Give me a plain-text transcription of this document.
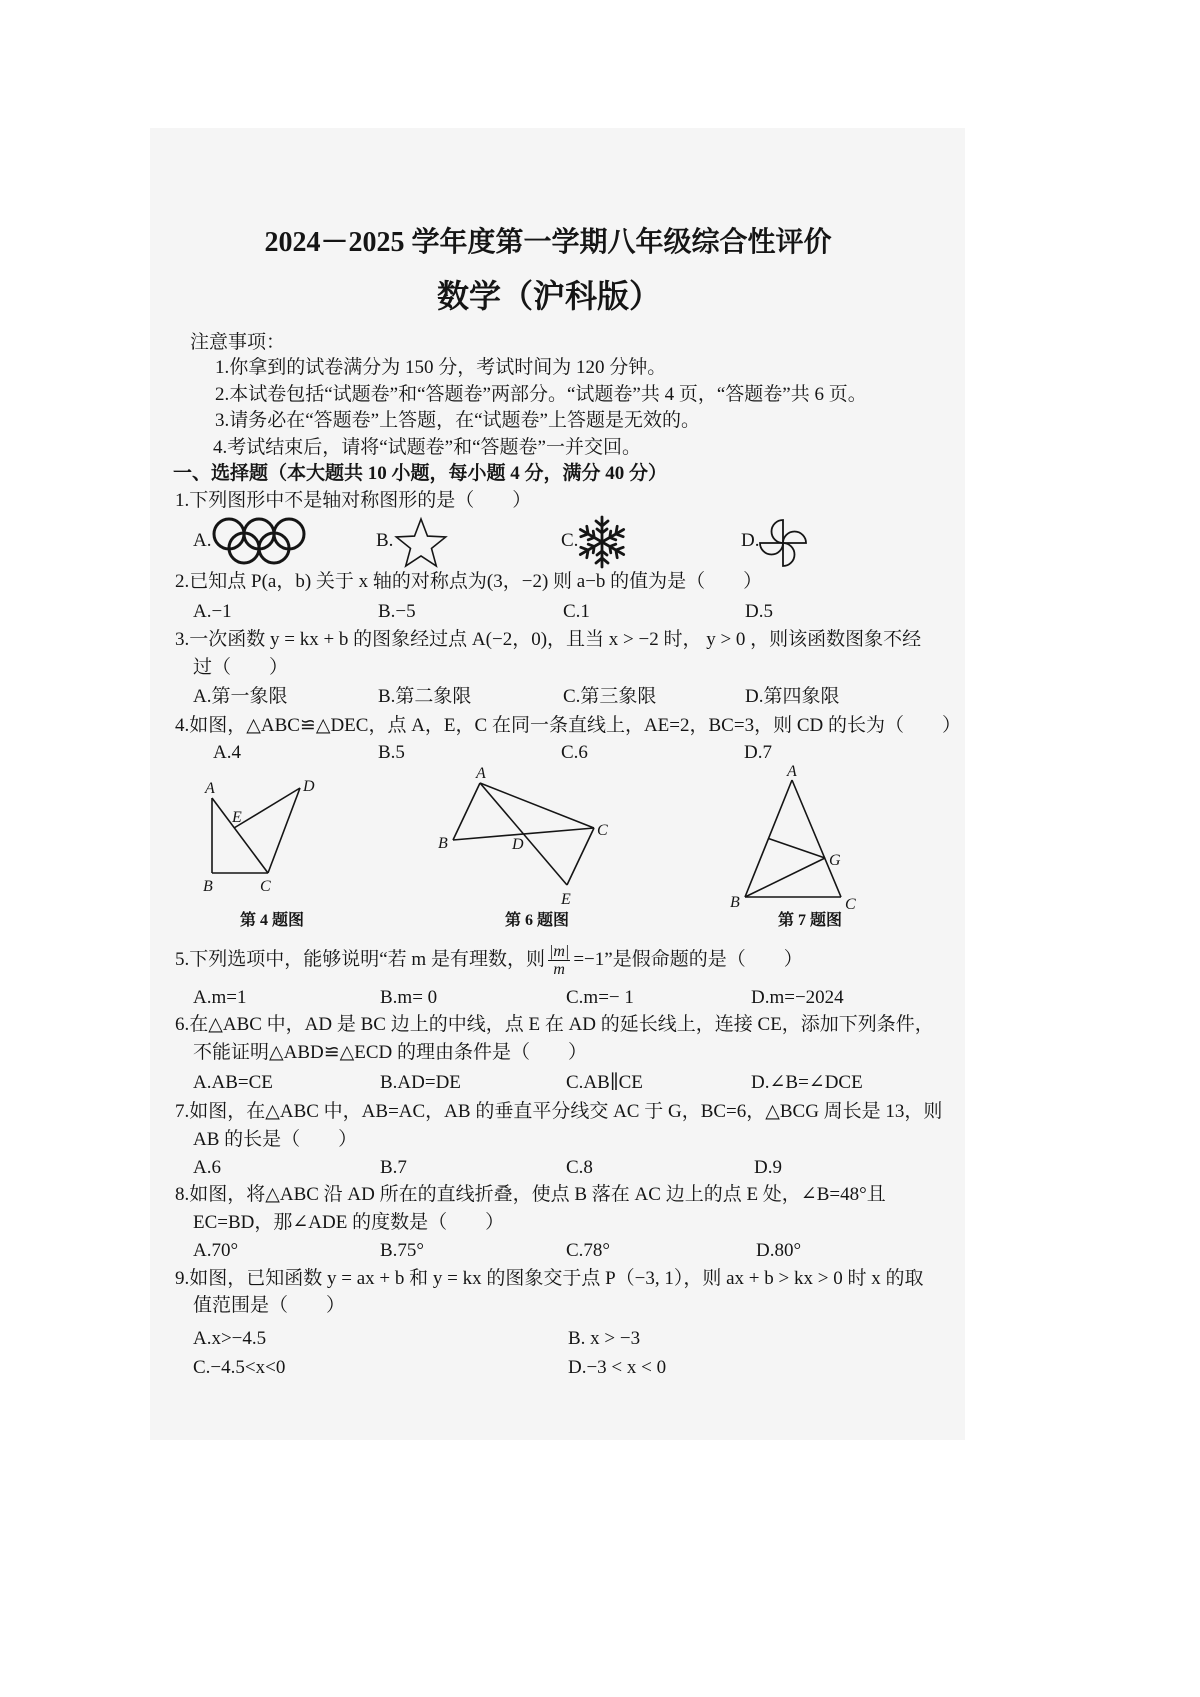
2024－2025 学年度第一学期八年级综合性评价
数学（沪科版）
注意事项：
1.你拿到的试卷满分为 150 分，考试时间为 120 分钟。
2.本试卷包括“试题卷”和“答题卷”两部分。“试题卷”共 4 页，“答题卷”共 6 页。
3.请务必在“答题卷”上答题，在“试题卷”上答题是无效的。
4.考试结束后，请将“试题卷”和“答题卷”一并交回。
一、选择题（本大题共 10 小题，每小题 4 分，满分 40 分）
1.下列图形中不是轴对称图形的是（　　）
A.	B.	C.	D.
2.已知点 P(a，b) 关于 x 轴的对称点为(3，−2) 则 a−b 的值为是（　　）
A.−1	B.−5	C.1	D.5
3.一次函数 y = kx + b 的图象经过点 A(−2，0)，且当 x > −2 时， y > 0 ，则该函数图象不经
过（　　）
A.第一象限	B.第二象限	C.第三象限	D.第四象限
4.如图，△ABC≌△DEC，点 A，E，C 在同一条直线上，AE=2，BC=3，则 CD 的长为（　　）
A.4	B.5	C.6	D.7
A
E
D
B	C
第 4 题图
A
B	D
C
E
第 6 题图
A
G
B	C
第 7 题图
5.下列选项中，能够说明“若 m 是有理数，则 $\frac{|m|}{m} =-1$”是假命题的是（　　）
A.m=1	B.m= 0	C.m=− 1	D.m=−2024
6.在△ABC 中，AD 是 BC 边上的中线，点 E 在 AD 的延长线上，连接 CE，添加下列条件，
不能证明△ABD≌△ECD 的理由条件是（　　）
A.AB=CE	B.AD=DE	C.AB∥CE	D.∠B=∠DCE
7.如图，在△ABC 中，AB=AC，AB 的垂直平分线交 AC 于 G，BC=6，△BCG 周长是 13，则
AB 的长是（　　）
A.6	B.7	C.8	D.9
8.如图，将△ABC 沿 AD 所在的直线折叠，使点 B 落在 AC 边上的点 E 处，∠B=48°且
EC=BD，那∠ADE 的度数是（　　）
A.70°	B.75°	C.78°	D.80°
9.如图，已知函数 y = ax + b 和 y = kx 的图象交于点 P（−3, 1），则 ax + b > kx > 0 时 x 的取
值范围是（　　）
A.x>−4.5	B. x > −3
C.−4.5<x<0	D.−3 < x < 0
